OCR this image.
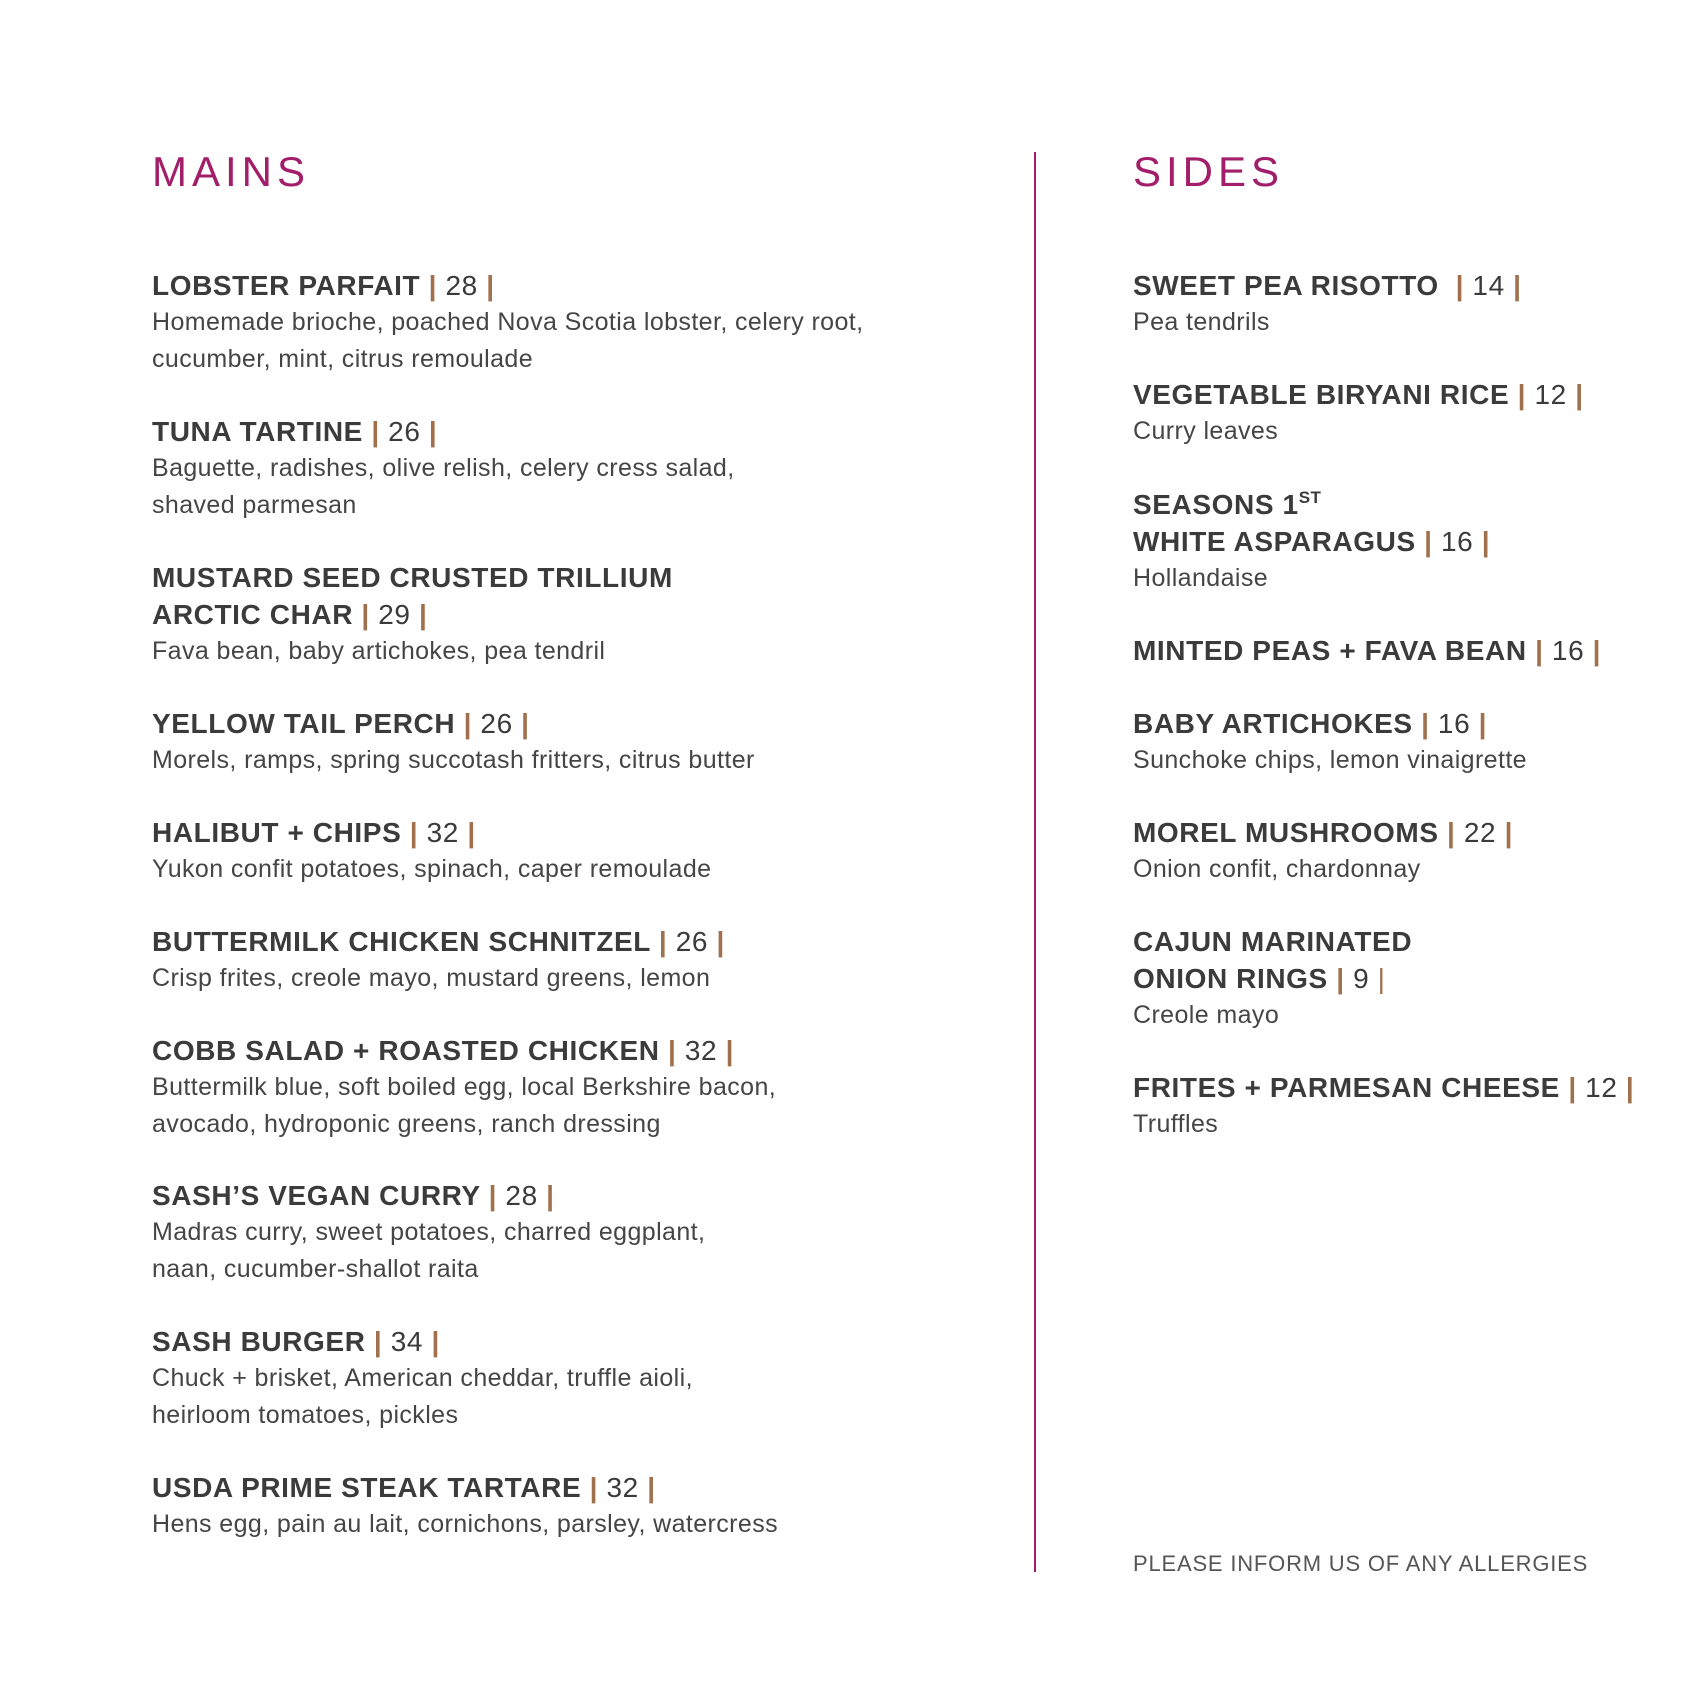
MAINS

LOBSTER PARFAIT | 28 |

Homemade brioche, poached Nova Scotia lobster, celery root,
cucumber, mint, citrus remoulade

TUNA TARTINE | 26 |

Baguette, radishes, olive relish, celery cress salad,
shaved parmesan

MUSTARD SEED CRUSTED TRILLIUM
ARCTIC CHAR | 29 |

Fava bean, baby artichokes, pea tendril

YELLOW TAIL PERCH | 26 |

Morels, ramps, spring succotash fritters, citrus butter

HALIBUT + CHIPS | 32 |

Yukon confit potatoes, spinach, caper remoulade

BUTTERMILK CHICKEN SCHNITZEL | 26 |

Crisp frites, creole mayo, mustard greens, lemon

COBB SALAD + ROASTED CHICKEN | 32 |

Buttermilk blue, soft boiled egg, local Berkshire bacon,
avocado, hydroponic greens, ranch dressing

SASH’S VEGAN CURRY | 28 |

Madras curry, sweet potatoes, charred eggplant,
naan, cucumber-shallot raita

SASH BURGER | 34 |

Chuck + brisket, American cheddar, truffle aioli,
heirloom tomatoes, pickles

USDA PRIME STEAK TARTARE | 32 |

Hens egg, pain au lait, cornichons, parsley, watercress

SIDES

SWEET PEA RISOTTO | 14 |

Pea tendrils

VEGETABLE BIRYANI RICE | 12 |

Curry leaves

SEASONS 1ST
WHITE ASPARAGUS | 16 |

Hollandaise

MINTED PEAS + FAVA BEAN | 16 |

BABY ARTICHOKES | 16 |

Sunchoke chips, lemon vinaigrette

MOREL MUSHROOMS | 22 |

Onion confit, chardonnay

CAJUN MARINATED
ONION RINGS | 9 |

Creole mayo

FRITES + PARMESAN CHEESE | 12 |

Truffles

PLEASE INFORM US OF ANY ALLERGIES
